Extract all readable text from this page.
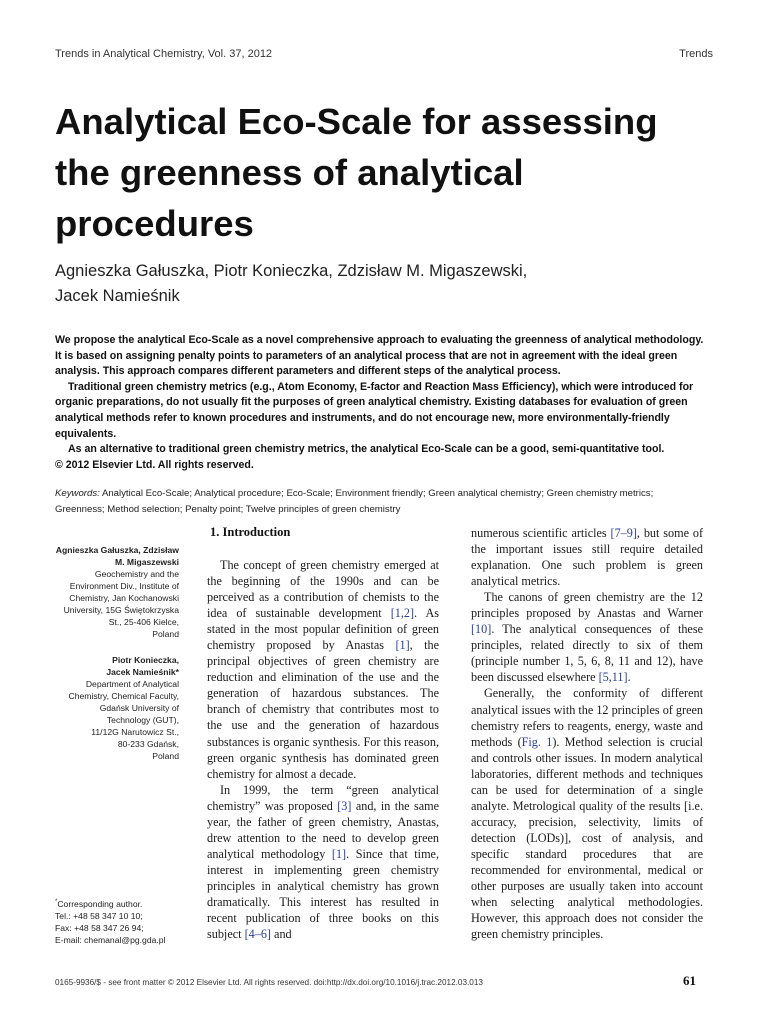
Trends in Analytical Chemistry, Vol. 37, 2012	Trends
Analytical Eco-Scale for assessing
the greenness of analytical
procedures
Agnieszka Gałuszka, Piotr Konieczka, Zdzisław M. Migaszewski,
Jacek Namieśnik

We propose the analytical Eco-Scale as a novel comprehensive approach to evaluating the greenness of analytical methodology. It is based on assigning penalty points to parameters of an analytical process that are not in agreement with the ideal green analysis. This approach compares different parameters and different steps of the analytical process.

Traditional green chemistry metrics (e.g., Atom Economy, E-factor and Reaction Mass Efficiency), which were introduced for organic preparations, do not usually fit the purposes of green analytical chemistry. Existing databases for evaluation of green analytical methods refer to known procedures and instruments, and do not encourage new, more environmentally-friendly equivalents.

As an alternative to traditional green chemistry metrics, the analytical Eco-Scale can be a good, semi-quantitative tool.

© 2012 Elsevier Ltd. All rights reserved.

Keywords: Analytical Eco-Scale; Analytical procedure; Eco-Scale; Environment friendly; Green analytical chemistry; Green chemistry metrics; Greenness; Method selection; Penalty point; Twelve principles of green chemistry
Agnieszka Gałuszka, Zdzisław
M. Migaszewski
Geochemistry and the
Environment Div., Institute of
Chemistry, Jan Kochanowski
University, 15G Świętokrzyska
St., 25-406 Kielce,
Poland
Piotr Konieczka,
Jacek Namieśnik*
Department of Analytical
Chemistry, Chemical Faculty,
Gdańsk University of
Technology (GUT),
11/12G Narutowicz St.,
80-233 Gdańsk,
Poland
*Corresponding author.
Tel.: +48 58 347 10 10;
Fax: +48 58 347 26 94;
E-mail: chemanal@pg.gda.pl
1. Introduction

The concept of green chemistry emerged at the beginning of the 1990s and can be perceived as a contribution of chemists to the idea of sustainable development [1,2]. As stated in the most popular definition of green chemistry proposed by Anastas [1], the principal objectives of green chemistry are reduction and elimination of the use and the generation of hazardous substances. The branch of chemistry that contributes most to the use and the generation of hazardous substances is organic synthesis. For this reason, green organic synthesis has dominated green chemistry for almost a decade.

In 1999, the term “green analytical chemistry” was proposed [3] and, in the same year, the father of green chemistry, Anastas, drew attention to the need to develop green analytical methodology [1]. Since that time, interest in implementing green chemistry principles in analytical chemistry has grown dramatically. This interest has resulted in recent publication of three books on this subject [4–6] and

numerous scientific articles [7–9], but some of the important issues still require detailed explanation. One such problem is green analytical metrics.

The canons of green chemistry are the 12 principles proposed by Anastas and Warner [10]. The analytical consequences of these principles, related directly to six of them (principle number 1, 5, 6, 8, 11 and 12), have been discussed elsewhere [5,11].

Generally, the conformity of different analytical issues with the 12 principles of green chemistry refers to reagents, energy, waste and methods (Fig. 1). Method selection is crucial and controls other issues. In modern analytical laboratories, different methods and techniques can be used for determination of a single analyte. Metrological quality of the results [i.e. accuracy, precision, selectivity, limits of detection (LODs)], cost of analysis, and specific standard procedures that are recommended for environmental, medical or other purposes are usually taken into account when selecting analytical methodologies. However, this approach does not consider the green chemistry principles.

0165-9936/$ - see front matter © 2012 Elsevier Ltd. All rights reserved. doi:http://dx.doi.org/10.1016/j.trac.2012.03.013	61
